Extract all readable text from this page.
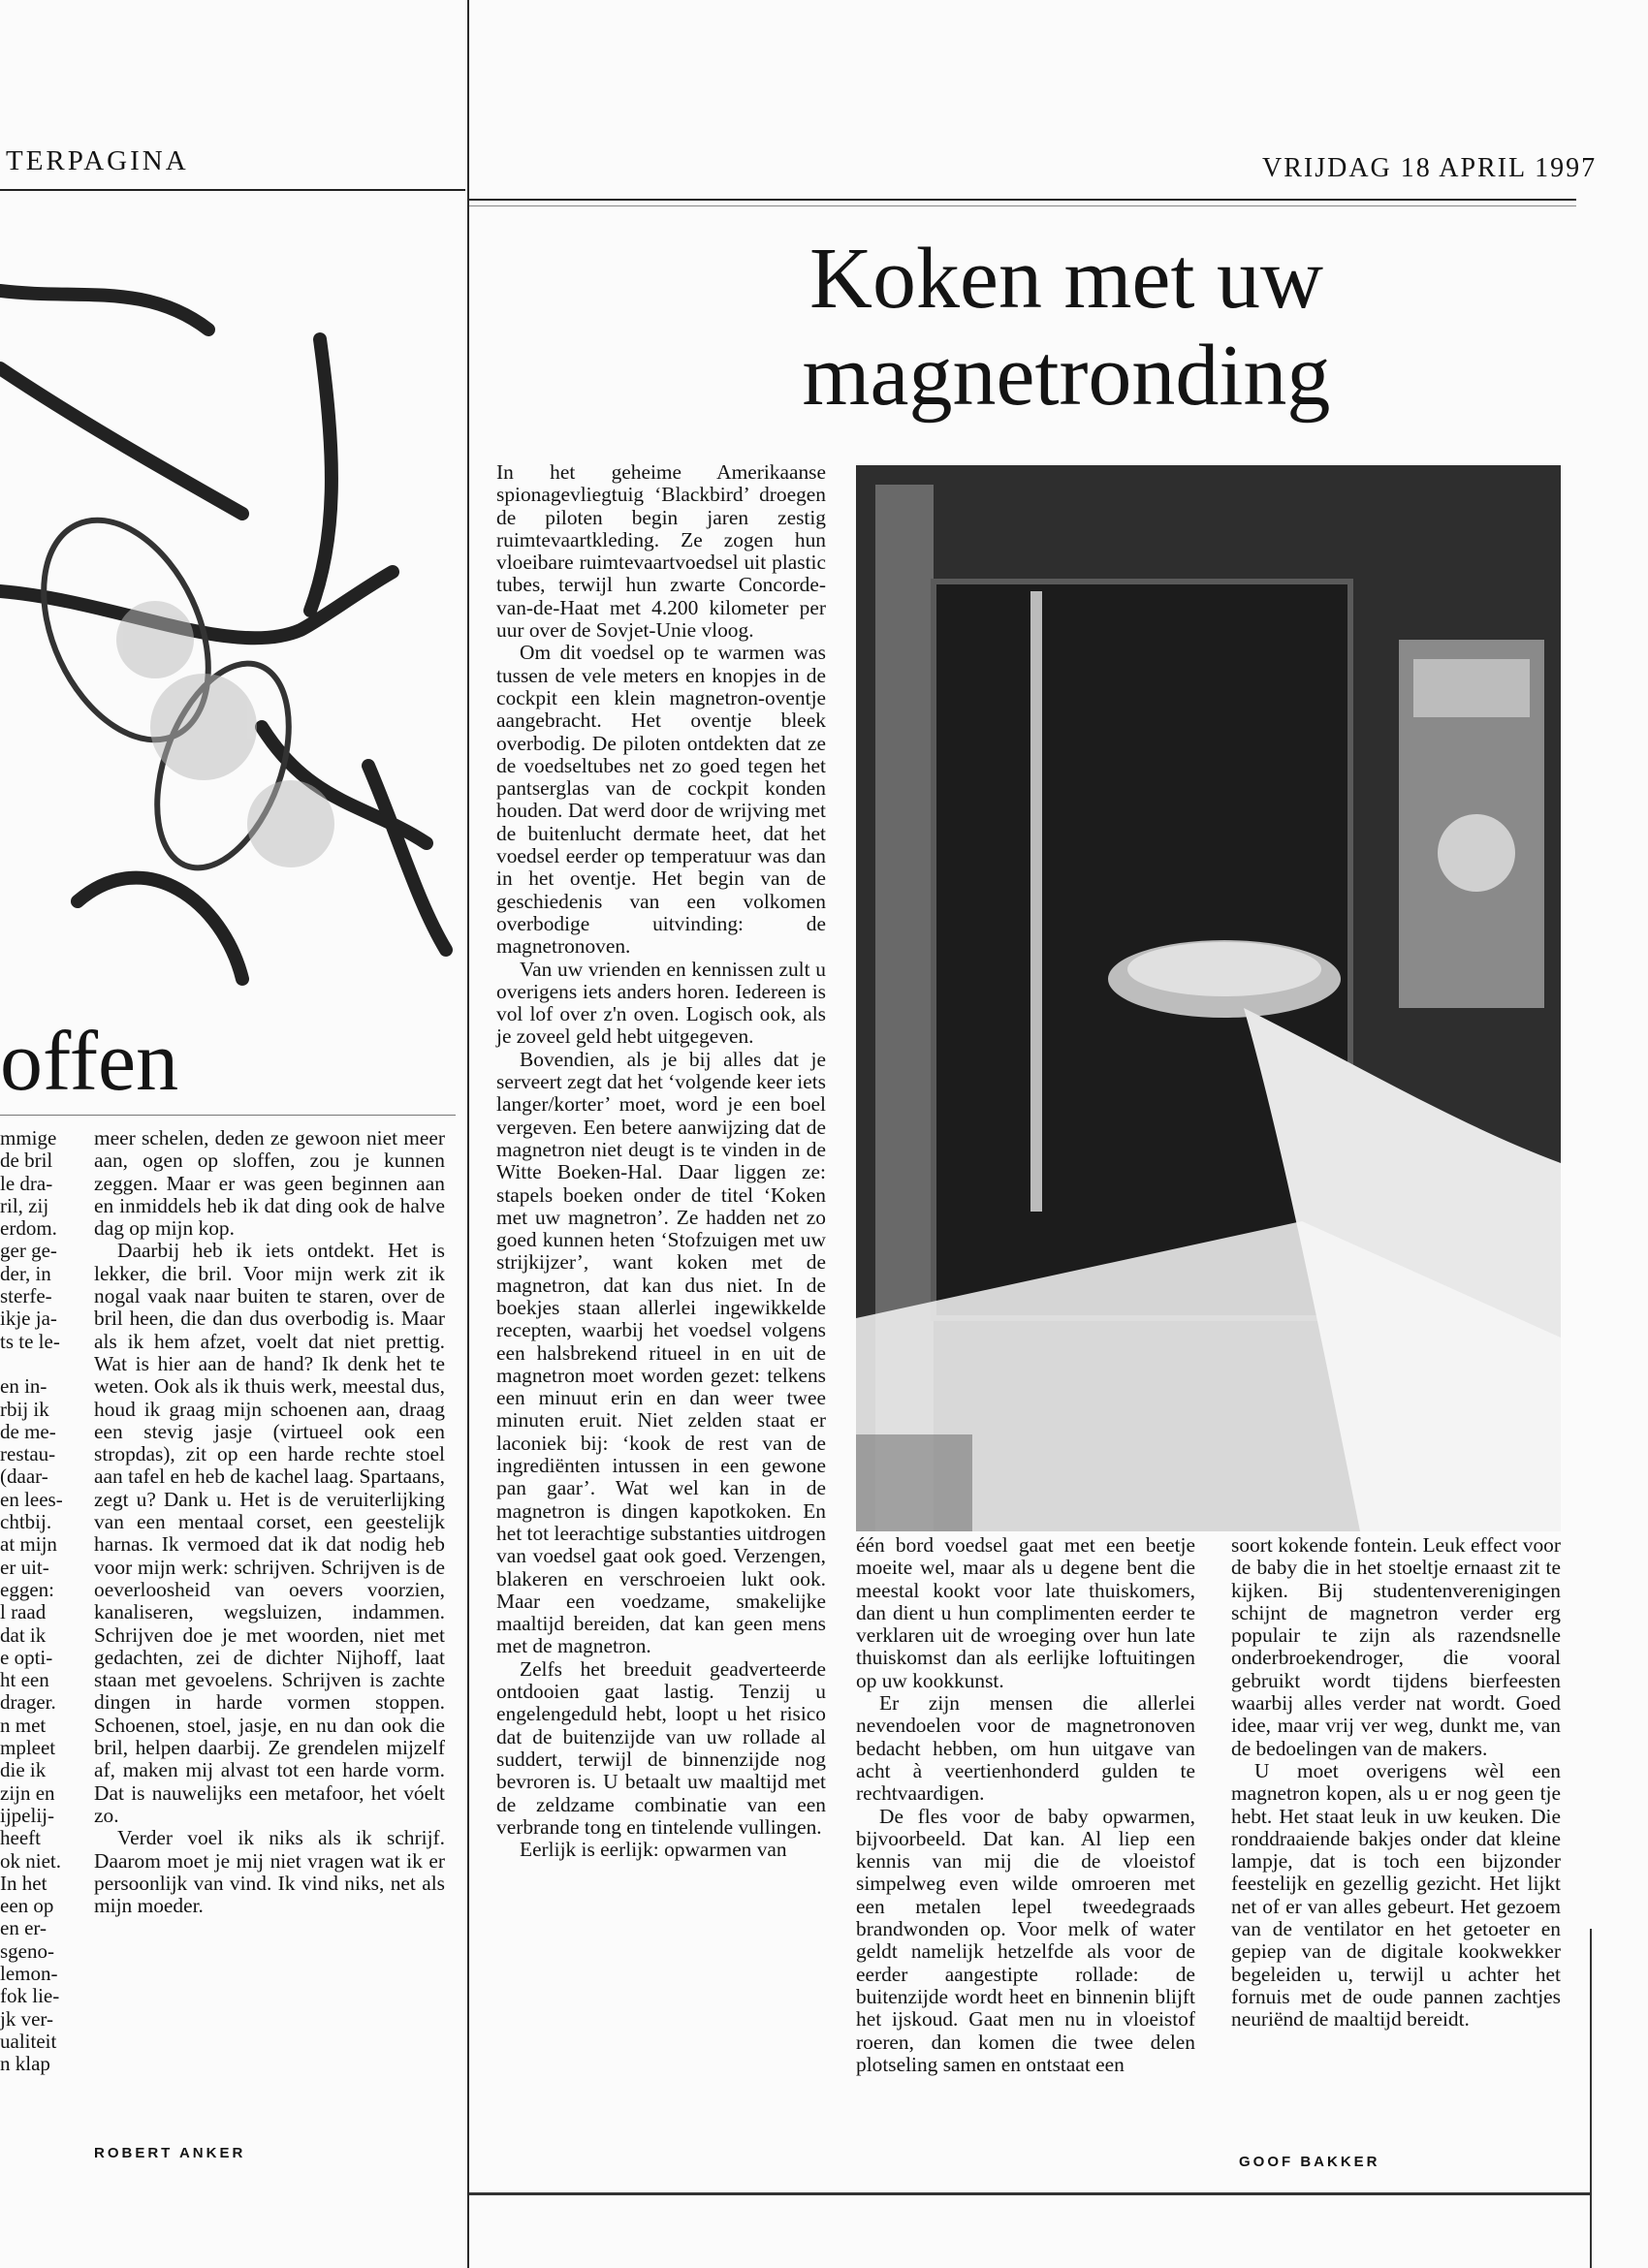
TERPAGINA
offen
mmige
de bril
le dra-
ril, zij
erdom.
ger ge-
der, in
sterfe-
ikje ja-
ts te le-

en in-
rbij ik
de me-
restau-
(daar-
en lees-
chtbij.
at mijn
er uit-
eggen:
l raad
dat ik
e opti-
ht een
drager.
n met
mpleet
die ik
zijn en
ijpelij-
heeft
ok niet.
In het
een op
en er-
sgeno-
lemon-
fok lie-
jk ver-
ualiteit
n klap

meer schelen, deden ze gewoon niet meer aan, ogen op sloffen, zou je kunnen zeggen. Maar er was geen beginnen aan en inmiddels heb ik dat ding ook de halve dag op mijn kop.

Daarbij heb ik iets ontdekt. Het is lekker, die bril. Voor mijn werk zit ik nogal vaak naar buiten te staren, over de bril heen, die dan dus overbodig is. Maar als ik hem afzet, voelt dat niet prettig. Wat is hier aan de hand? Ik denk het te weten. Ook als ik thuis werk, meestal dus, houd ik graag mijn schoenen aan, draag een stevig jasje (virtueel ook een stropdas), zit op een harde rechte stoel aan tafel en heb de kachel laag. Spartaans, zegt u? Dank u. Het is de veruiterlijking van een mentaal corset, een geestelijk harnas. Ik vermoed dat ik dat nodig heb voor mijn werk: schrijven. Schrijven is de oeverlooshеid van oevers voorzien, kanaliseren, wegsluizen, indammen. Schrijven doe je met woorden, niet met gedachten, zei de dichter Nijhoff, laat staan met gevoelens. Schrijven is zachte dingen in harde vormen stoppen. Schoenen, stoel, jasje, en nu dan ook die bril, helpen daarbij. Ze grendelen mijzelf af, maken mij alvast tot een harde vorm. Dat is nauwelijks een metafoor, het vóelt zo.

Verder voel ik niks als ik schrijf. Daarom moet je mij niet vragen wat ik er persoonlijk van vind. Ik vind niks, net als mijn moeder.

ROBERT ANKER
VRIJDAG 18 APRIL 1997
Koken met uw magnetronding

In het geheime Amerikaanse spionagevliegtuig ‘Blackbird’ droegen de piloten begin jaren zestig ruimtevaartkleding. Ze zogen hun vloeibare ruimtevaartvoedsel uit plastic tubes, terwijl hun zwarte Concorde-van-de-Haat met 4.200 kilometer per uur over de Sovjet-Unie vloog.

Om dit voedsel op te warmen was tussen de vele meters en knopjes in de cockpit een klein magnetron-oventje aangebracht. Het oventje bleek overbodig. De piloten ontdekten dat ze de voedseltubes net zo goed tegen het pantserglas van de cockpit konden houden. Dat werd door de wrijving met de buitenlucht dermate heet, dat het voedsel eerder op temperatuur was dan in het oventje. Het begin van de geschiedenis van een volkomen overbodige uitvinding: de magnetronoven.

Van uw vrienden en kennissen zult u overigens iets anders horen. Iedereen is vol lof over z'n oven. Logisch ook, als je zoveel geld hebt uitgegeven.

Bovendien, als je bij alles dat je serveert zegt dat het ‘volgende keer iets langer/korter’ moet, word je een boel vergeven. Een betere aanwijzing dat de magnetron niet deugt is te vinden in de Witte Boeken-Hal. Daar liggen ze: stapels boeken onder de titel ‘Koken met uw magnetron’. Ze hadden net zo goed kunnen heten ‘Stofzuigen met uw strijkijzer’, want koken met de magnetron, dat kan dus niet. In de boekjes staan allerlei ingewikkelde recepten, waarbij het voedsel volgens een halsbrekend ritueel in en uit de magnetron moet worden gezet: telkens een minuut erin en dan weer twee minuten eruit. Niet zelden staat er laconiek bij: ‘kook de rest van de ingrediënten intussen in een gewone pan gaar’. Wat wel kan in de magnetron is dingen kapotkoken. En het tot leerachtige substanties uitdrogen van voedsel gaat ook goed. Verzengen, blakeren en verschroeien lukt ook. Maar een voedzame, smakelijke maaltijd bereiden, dat kan geen mens met de magnetron.

Zelfs het breeduit geadverteerde ontdooien gaat lastig. Tenzij u engelengeduld hebt, loopt u het risico dat de buitenzijde van uw rollade al suddert, terwijl de binnenzijde nog bevroren is. U betaalt uw maaltijd met de zeldzame combinatie van een verbrande tong en tintelende vullingen.

Eerlijk is eerlijk: opwarmen van

één bord voedsel gaat met een beetje moeite wel, maar als u degene bent die meestal kookt voor late thuiskomers, dan dient u hun complimenten eerder te verklaren uit de wroeging over hun late thuiskomst dan als eerlijke loftuitingen op uw kookkunst.

Er zijn mensen die allerlei nevendoelen voor de magnetronoven bedacht hebben, om hun uitgave van acht à veertienhonderd gulden te rechtvaardigen.

De fles voor de baby opwarmen, bijvoorbeeld. Dat kan. Al liep een kennis van mij die de vloeistof simpelweg even wilde omroeren met een metalen lepel tweedegraads brandwonden op. Voor melk of water geldt namelijk hetzelfde als voor de eerder aangestipte rollade: de buitenzijde wordt heet en binnenin blijft het ijskoud. Gaat men nu in vloeistof roeren, dan komen die twee delen plotseling samen en ontstaat een

soort kokende fontein. Leuk effect voor de baby die in het stoeltje ernaast zit te kijken. Bij studentenverenigingen schijnt de magnetron verder erg populair te zijn als razendsnelle onderbroekendroger, die vooral gebruikt wordt tijdens bierfeesten waarbij alles verder nat wordt. Goed idee, maar vrij ver weg, dunkt me, van de bedoelingen van de makers.

U moet overigens wèl een magnetron kopen, als u er nog geen tje hebt. Het staat leuk in uw keuken. Die ronddraaiende bakjes onder dat kleine lampje, dat is toch een bijzonder feestelijk en gezellig gezicht. Het lijkt net of er van alles gebeurt. Het gezoem van de ventilator en het getoeter en gepiep van de digitale kookwekker begeleiden u, terwijl u achter het fornuis met de oude pannen zachtjes neuriënd de maaltijd bereidt.

GOOF BAKKER
